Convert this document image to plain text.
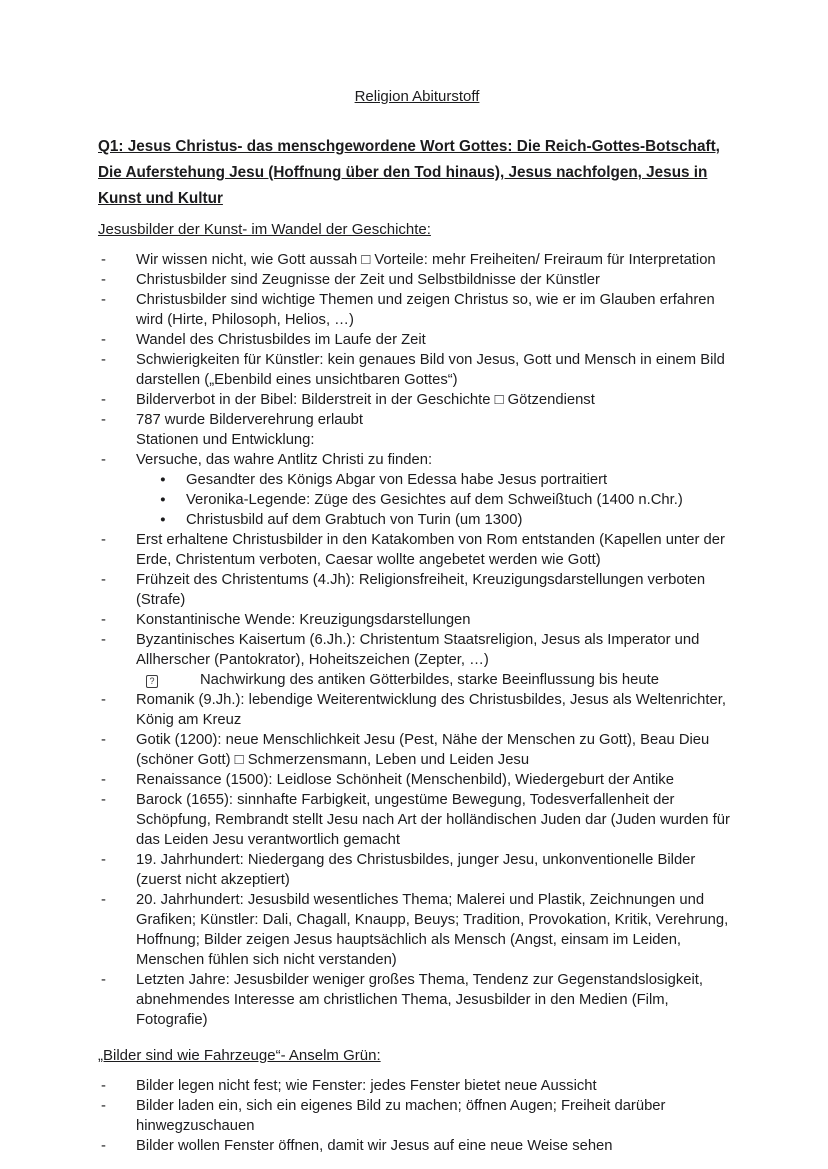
Religion Abiturstoff
Q1: Jesus Christus- das menschgewordene Wort Gottes: Die Reich-Gottes-Botschaft, Die Auferstehung Jesu (Hoffnung über den Tod hinaus), Jesus nachfolgen, Jesus in Kunst und Kultur
Jesusbilder der Kunst- im Wandel der Geschichte:
-	Wir wissen nicht, wie Gott aussah □ Vorteile: mehr Freiheiten/ Freiraum für Interpretation
-	Christusbilder sind Zeugnisse der Zeit und Selbstbildnisse der Künstler
-	Christusbilder sind wichtige Themen und zeigen Christus so, wie er im Glauben erfahren wird (Hirte, Philosoph, Helios, …)
-	Wandel des Christusbildes im Laufe der Zeit
-	Schwierigkeiten für Künstler: kein genaues Bild von Jesus, Gott und Mensch in einem Bild darstellen („Ebenbild eines unsichtbaren Gottes“)
-	Bilderverbot in der Bibel: Bilderstreit in der Geschichte □ Götzendienst
-	787 wurde Bilderverehrung erlaubt
Stationen und Entwicklung:
-	Versuche, das wahre Antlitz Christi zu finden:
●	Gesandter des Königs Abgar von Edessa habe Jesus portraitiert
●	Veronika-Legende: Züge des Gesichtes auf dem Schweißtuch (1400 n.Chr.)
●	Christusbild auf dem Grabtuch von Turin (um 1300)
-	Erst erhaltene Christusbilder in den Katakomben von Rom entstanden (Kapellen unter der Erde, Christentum verboten, Caesar wollte angebetet werden wie Gott)
-	Frühzeit des Christentums (4.Jh): Religionsfreiheit, Kreuzigungsdarstellungen verboten (Strafe)
-	Konstantinische Wende: Kreuzigungsdarstellungen
-	Byzantinisches Kaisertum (6.Jh.): Christentum Staatsreligion, Jesus als Imperator und Allherscher (Pantokrator), Hoheitszeichen (Zepter, …)
?	Nachwirkung des antiken Götterbildes, starke Beeinflussung bis heute
-	Romanik (9.Jh.): lebendige Weiterentwicklung des Christusbildes, Jesus als Weltenrichter, König am Kreuz
-	Gotik (1200): neue Menschlichkeit Jesu (Pest, Nähe der Menschen zu Gott), Beau Dieu (schöner Gott) □ Schmerzensmann, Leben und Leiden Jesu
-	Renaissance (1500): Leidlose Schönheit (Menschenbild), Wiedergeburt der Antike
-	Barock (1655): sinnhafte Farbigkeit, ungestüme Bewegung, Todesverfallenheit der Schöpfung, Rembrandt stellt Jesu nach Art der holländischen Juden dar (Juden wurden für das Leiden Jesu verantwortlich gemacht
-	19. Jahrhundert: Niedergang des Christusbildes, junger Jesu, unkonventionelle Bilder (zuerst nicht akzeptiert)
-	20. Jahrhundert: Jesusbild wesentliches Thema; Malerei und Plastik, Zeichnungen und Grafiken; Künstler: Dali, Chagall, Knaupp, Beuys; Tradition, Provokation, Kritik, Verehrung, Hoffnung; Bilder zeigen Jesus hauptsächlich als Mensch (Angst, einsam im Leiden, Menschen fühlen sich nicht verstanden)
-	Letzten Jahre: Jesusbilder weniger großes Thema, Tendenz zur Gegenstandslosigkeit, abnehmendes Interesse am christlichen Thema, Jesusbilder in den Medien (Film, Fotografie)
„Bilder sind wie Fahrzeuge“- Anselm Grün:
-	Bilder legen nicht fest; wie Fenster: jedes Fenster bietet neue Aussicht
-	Bilder laden ein, sich ein eigenes Bild zu machen; öffnen Augen; Freiheit darüber hinwegzuschauen
-	Bilder wollen Fenster öffnen, damit wir Jesus auf eine neue Weise sehen
